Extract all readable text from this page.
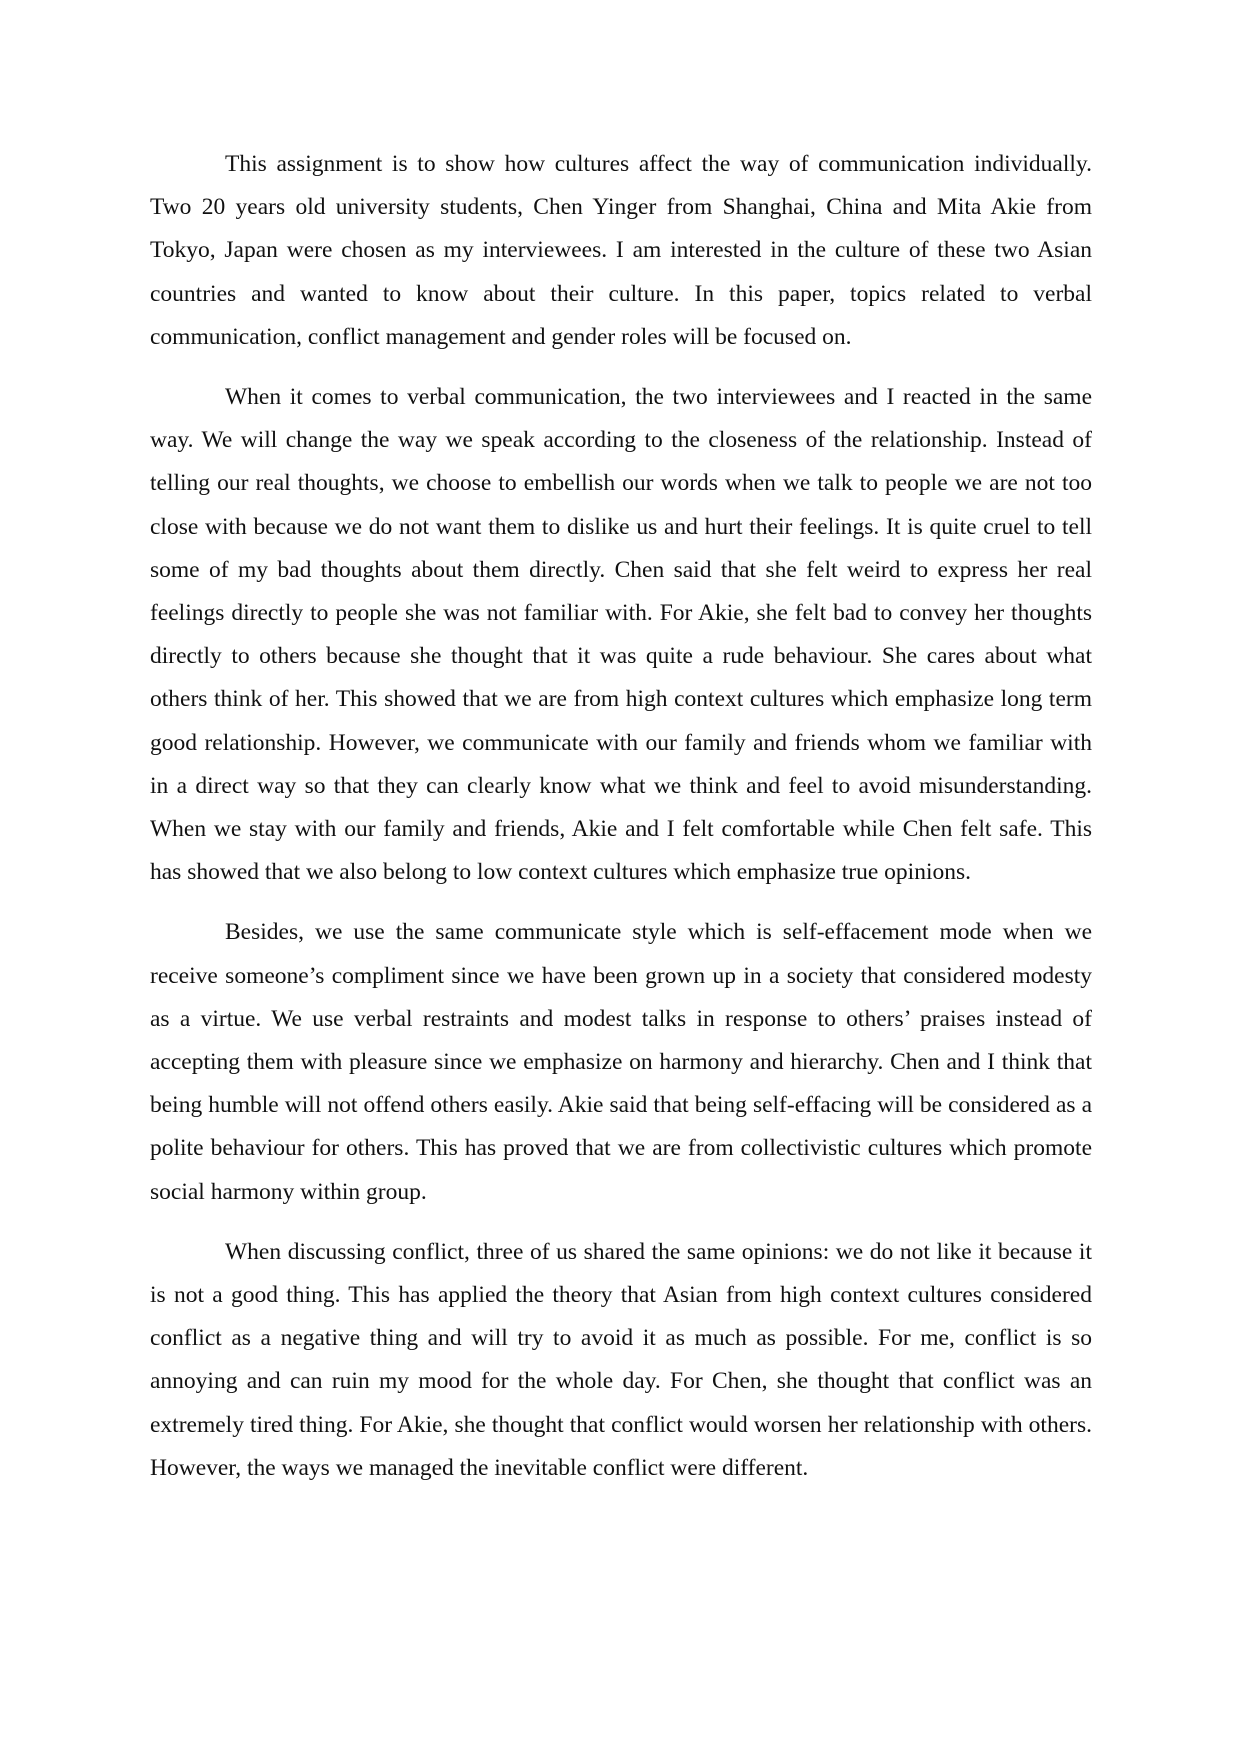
This assignment is to show how cultures affect the way of communication individually. Two 20 years old university students, Chen Yinger from Shanghai, China and Mita Akie from Tokyo, Japan were chosen as my interviewees. I am interested in the culture of these two Asian countries and wanted to know about their culture. In this paper, topics related to verbal communication, conflict management and gender roles will be focused on.

When it comes to verbal communication, the two interviewees and I reacted in the same way. We will change the way we speak according to the closeness of the relationship. Instead of telling our real thoughts, we choose to embellish our words when we talk to people we are not too close with because we do not want them to dislike us and hurt their feelings. It is quite cruel to tell some of my bad thoughts about them directly. Chen said that she felt weird to express her real feelings directly to people she was not familiar with. For Akie, she felt bad to convey her thoughts directly to others because she thought that it was quite a rude behaviour. She cares about what others think of her. This showed that we are from high context cultures which emphasize long term good relationship. However, we communicate with our family and friends whom we familiar with in a direct way so that they can clearly know what we think and feel to avoid misunderstanding. When we stay with our family and friends, Akie and I felt comfortable while Chen felt safe. This has showed that we also belong to low context cultures which emphasize true opinions.

Besides, we use the same communicate style which is self-effacement mode when we receive someone’s compliment since we have been grown up in a society that considered modesty as a virtue. We use verbal restraints and modest talks in response to others’ praises instead of accepting them with pleasure since we emphasize on harmony and hierarchy. Chen and I think that being humble will not offend others easily. Akie said that being self-effacing will be considered as a polite behaviour for others. This has proved that we are from collectivistic cultures which promote social harmony within group.

When discussing conflict, three of us shared the same opinions: we do not like it because it is not a good thing. This has applied the theory that Asian from high context cultures considered conflict as a negative thing and will try to avoid it as much as possible. For me, conflict is so annoying and can ruin my mood for the whole day. For Chen, she thought that conflict was an extremely tired thing. For Akie, she thought that conflict would worsen her relationship with others. However, the ways we managed the inevitable conflict were different.
